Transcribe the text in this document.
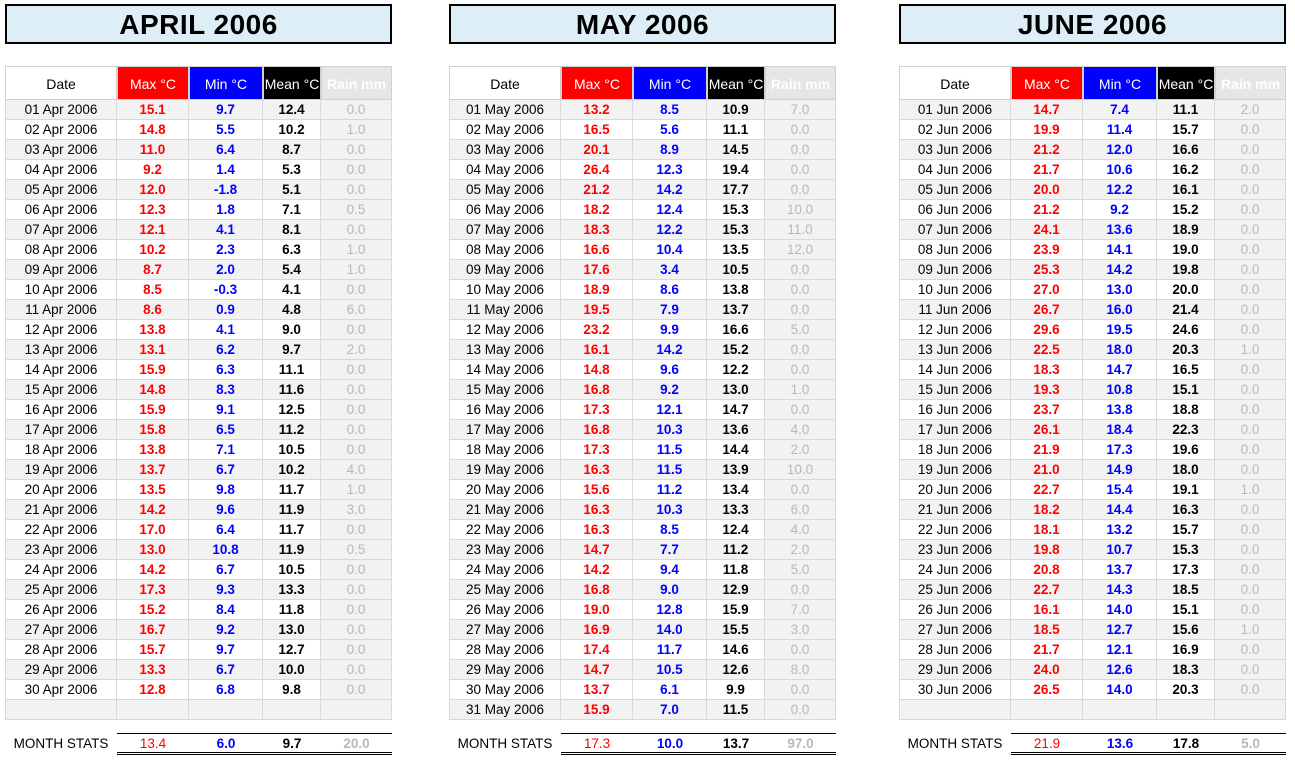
APRIL 2006
Date	Max °C	Min °C	Mean °C Rain mm
01 Apr 2006	15.1	9.7	12.4	0.0
02 Apr 2006	14.8	5.5	10.2	1.0
03 Apr 2006	11.0	6.4	8.7	0.0
04 Apr 2006	9.2	1.4	5.3	0.0
05 Apr 2006	12.0	-1.8	5.1	0.0
06 Apr 2006	12.3	1.8	7.1	0.5
07 Apr 2006	12.1	4.1	8.1	0.0
08 Apr 2006	10.2	2.3	6.3	1.0
09 Apr 2006	8.7	2.0	5.4	1.0
10 Apr 2006	8.5	-0.3	4.1	0.0
11 Apr 2006	8.6	0.9	4.8	6.0
12 Apr 2006	13.8	4.1	9.0	0.0
13 Apr 2006	13.1	6.2	9.7	2.0
14 Apr 2006	15.9	6.3	11.1	0.0
15 Apr 2006	14.8	8.3	11.6	0.0
16 Apr 2006	15.9	9.1	12.5	0.0
17 Apr 2006	15.8	6.5	11.2	0.0
18 Apr 2006	13.8	7.1	10.5	0.0
19 Apr 2006	13.7	6.7	10.2	4.0
20 Apr 2006	13.5	9.8	11.7	1.0
21 Apr 2006	14.2	9.6	11.9	3.0
22 Apr 2006	17.0	6.4	11.7	0.0
23 Apr 2006	13.0	10.8	11.9	0.5
24 Apr 2006	14.2	6.7	10.5	0.0
25 Apr 2006	17.3	9.3	13.3	0.0
26 Apr 2006	15.2	8.4	11.8	0.0
27 Apr 2006	16.7	9.2	13.0	0.0
28 Apr 2006	15.7	9.7	12.7	0.0
29 Apr 2006	13.3	6.7	10.0	0.0
30 Apr 2006	12.8	6.8	9.8	0.0
MONTH STATS	13.4	6.0	9.7	20.0
MAY 2006
Date	Max °C	Min °C	Mean °C Rain mm
01 May 2006	13.2	8.5	10.9	7.0
02 May 2006	16.5	5.6	11.1	0.0
03 May 2006	20.1	8.9	14.5	0.0
04 May 2006	26.4	12.3	19.4	0.0
05 May 2006	21.2	14.2	17.7	0.0
06 May 2006	18.2	12.4	15.3	10.0
07 May 2006	18.3	12.2	15.3	11.0
08 May 2006	16.6	10.4	13.5	12.0
09 May 2006	17.6	3.4	10.5	0.0
10 May 2006	18.9	8.6	13.8	0.0
11 May 2006	19.5	7.9	13.7	0.0
12 May 2006	23.2	9.9	16.6	5.0
13 May 2006	16.1	14.2	15.2	0.0
14 May 2006	14.8	9.6	12.2	0.0
15 May 2006	16.8	9.2	13.0	1.0
16 May 2006	17.3	12.1	14.7	0.0
17 May 2006	16.8	10.3	13.6	4.0
18 May 2006	17.3	11.5	14.4	2.0
19 May 2006	16.3	11.5	13.9	10.0
20 May 2006	15.6	11.2	13.4	0.0
21 May 2006	16.3	10.3	13.3	6.0
22 May 2006	16.3	8.5	12.4	4.0
23 May 2006	14.7	7.7	11.2	2.0
24 May 2006	14.2	9.4	11.8	5.0
25 May 2006	16.8	9.0	12.9	0.0
26 May 2006	19.0	12.8	15.9	7.0
27 May 2006	16.9	14.0	15.5	3.0
28 May 2006	17.4	11.7	14.6	0.0
29 May 2006	14.7	10.5	12.6	8.0
30 May 2006	13.7	6.1	9.9	0.0
31 May 2006	15.9	7.0	11.5	0.0
MONTH STATS	17.3	10.0	13.7	97.0
JUNE 2006
Date	Max °C	Min °C	Mean °C Rain mm
01 Jun 2006	14.7	7.4	11.1	2.0
02 Jun 2006	19.9	11.4	15.7	0.0
03 Jun 2006	21.2	12.0	16.6	0.0
04 Jun 2006	21.7	10.6	16.2	0.0
05 Jun 2006	20.0	12.2	16.1	0.0
06 Jun 2006	21.2	9.2	15.2	0.0
07 Jun 2006	24.1	13.6	18.9	0.0
08 Jun 2006	23.9	14.1	19.0	0.0
09 Jun 2006	25.3	14.2	19.8	0.0
10 Jun 2006	27.0	13.0	20.0	0.0
11 Jun 2006	26.7	16.0	21.4	0.0
12 Jun 2006	29.6	19.5	24.6	0.0
13 Jun 2006	22.5	18.0	20.3	1.0
14 Jun 2006	18.3	14.7	16.5	0.0
15 Jun 2006	19.3	10.8	15.1	0.0
16 Jun 2006	23.7	13.8	18.8	0.0
17 Jun 2006	26.1	18.4	22.3	0.0
18 Jun 2006	21.9	17.3	19.6	0.0
19 Jun 2006	21.0	14.9	18.0	0.0
20 Jun 2006	22.7	15.4	19.1	1.0
21 Jun 2006	18.2	14.4	16.3	0.0
22 Jun 2006	18.1	13.2	15.7	0.0
23 Jun 2006	19.8	10.7	15.3	0.0
24 Jun 2006	20.8	13.7	17.3	0.0
25 Jun 2006	22.7	14.3	18.5	0.0
26 Jun 2006	16.1	14.0	15.1	0.0
27 Jun 2006	18.5	12.7	15.6	1.0
28 Jun 2006	21.7	12.1	16.9	0.0
29 Jun 2006	24.0	12.6	18.3	0.0
30 Jun 2006	26.5	14.0	20.3	0.0
MONTH STATS	21.9	13.6	17.8	5.0
